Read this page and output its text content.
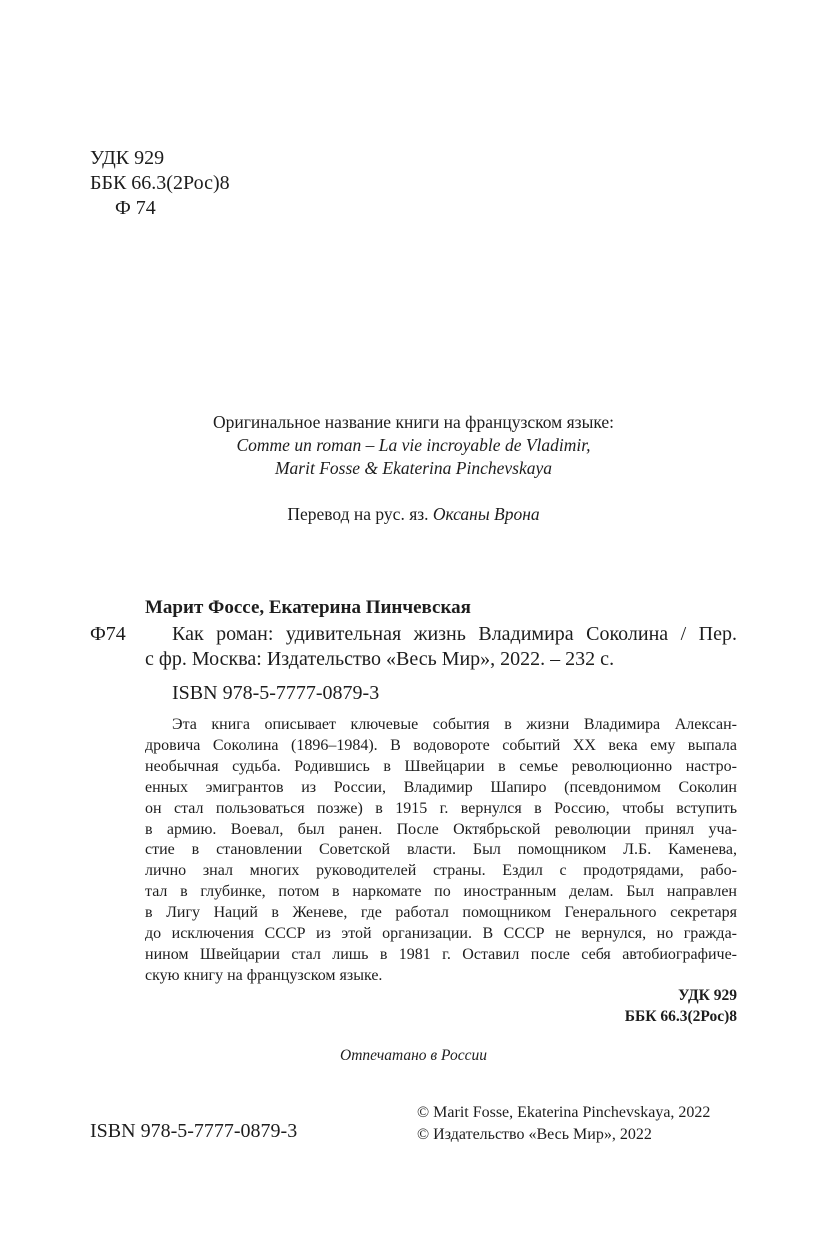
УДК 929
ББК 66.3(2Рос)8
Ф 74
Оригинальное название книги на французском языке:
Comme un roman – La vie incroyable de Vladimir,
Marit Fosse & Ekaterina Pinchevskaya
Перевод на рус. яз. Оксаны Врона
Марит Фоссе, Екатерина Пинчевская
Ф74	Как роман: удивительная жизнь Владимира Соколина / Пер.
с фр. Москва: Издательство «Весь Мир», 2022. – 232 с.
ISBN 978-5-7777-0879-3
Эта книга описывает ключевые события в жизни Владимира Алексан-
дровича Соколина (1896–1984). В водовороте событий XX века ему выпала
необычная судьба. Родившись в Швейцарии в семье революционно настро-
енных эмигрантов из России, Владимир Шапиро (псевдонимом Соколин
он стал пользоваться позже) в 1915 г. вернулся в Россию, чтобы вступить
в армию. Воевал, был ранен. После Октябрьской революции принял уча-
стие в становлении Советской власти. Был помощником Л.Б. Каменева,
лично знал многих руководителей страны. Ездил с продотрядами, рабо-
тал в глубинке, потом в наркомате по иностранным делам. Был направлен
в Лигу Наций в Женеве, где работал помощником Генерального секретаря
до исключения СССР из этой организации. В СССР не вернулся, но гражда-
нином Швейцарии стал лишь в 1981 г. Оставил после себя автобиографиче-
скую книгу на французском языке.
УДК 929
ББК 66.3(2Рос)8
Отпечатано в России
ISBN 978-5-7777-0879-3
© Marit Fosse, Ekaterina Pinchevskaya, 2022
© Издательство «Весь Мир», 2022
